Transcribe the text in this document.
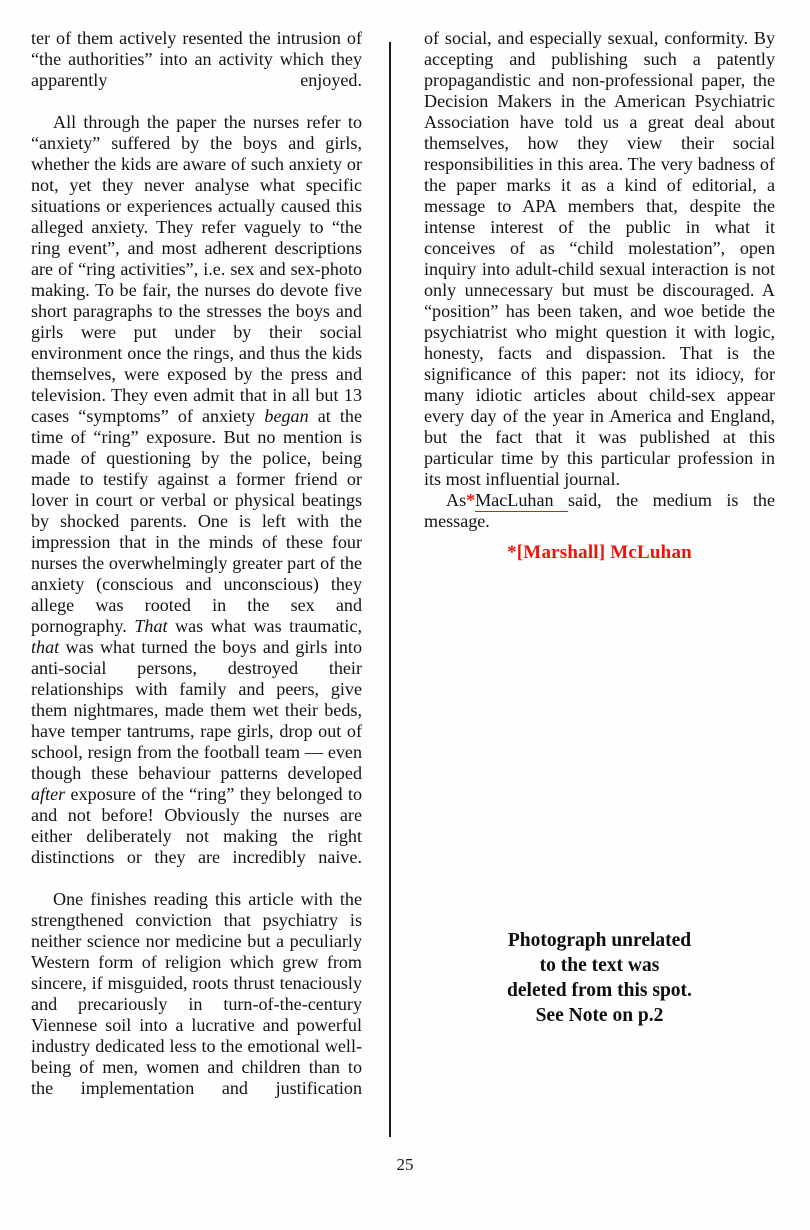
ter of them actively resented the intrusion of “the authorities” into an activity which they apparently enjoyed.

All through the paper the nurses refer to “anxiety” suffered by the boys and girls, whether the kids are aware of such anxiety or not, yet they never analyse what specific situations or experiences actually caused this alleged anxiety. They refer vaguely to “the ring event”, and most adherent descriptions are of “ring activities”, i.e. sex and sex-photo making. To be fair, the nurses do devote five short paragraphs to the stresses the boys and girls were put under by their social environment once the rings, and thus the kids themselves, were exposed by the press and television. They even admit that in all but 13 cases “symptoms” of anxiety began at the time of “ring” exposure. But no mention is made of questioning by the police, being made to testify against a former friend or lover in court or verbal or physical beatings by shocked parents. One is left with the impression that in the minds of these four nurses the overwhelmingly greater part of the anxiety (conscious and unconscious) they allege was rooted in the sex and pornography. That was what was traumatic, that was what turned the boys and girls into anti-social persons, destroyed their relationships with family and peers, give them nightmares, made them wet their beds, have temper tantrums, rape girls, drop out of school, resign from the football team — even though these behaviour patterns developed after exposure of the “ring” they belonged to and not before! Obviously the nurses are either deliberately not making the right distinctions or they are incredibly naive.

One finishes reading this article with the strengthened conviction that psychiatry is neither science nor medicine but a peculiarly Western form of religion which grew from sincere, if misguided, roots thrust tenaciously and precariously in turn-of-the-century Viennese soil into a lucrative and powerful industry dedicated less to the emotional well-being of men, women and children than to the implementation and justification

of social, and especially sexual, conformity. By accepting and publishing such a patently propagandistic and non-professional paper, the Decision Makers in the American Psychiatric Association have told us a great deal about themselves, how they view their social responsibilities in this area. The very badness of the paper marks it as a kind of editorial, a message to APA members that, despite the intense interest of the public in what it conceives of as “child molestation”, open inquiry into adult-child sexual interaction is not only unnecessary but must be discouraged. A “position” has been taken, and woe betide the psychiatrist who might question it with logic, honesty, facts and dispassion. That is the significance of this paper: not its idiocy, for many idiotic articles about child-sex appear every day of the year in America and England, but the fact that it was published at this particular time by this particular profession in its most influential journal.

As*MacLuhan said, the medium is the message.

*[Marshall] McLuhan
Photograph unrelated
to the text was
deleted from this spot.
See Note on p.2
25
